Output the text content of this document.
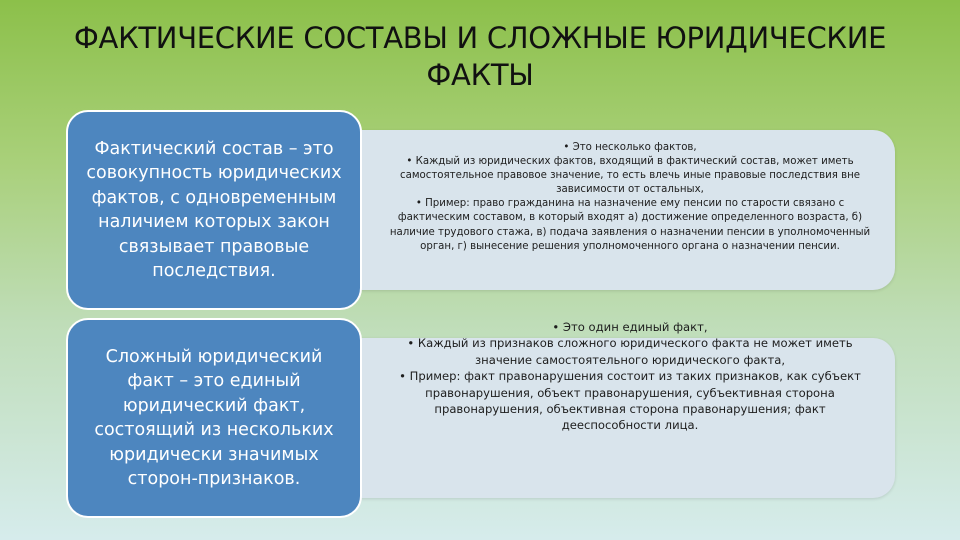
ФАКТИЧЕСКИЕ СОСТАВЫ И СЛОЖНЫЕ ЮРИДИЧЕСКИЕ ФАКТЫ
Фактический состав – это совокупность юридических фактов, с одновременным наличием которых закон связывает правовые последствия.
Сложный юридический факт – это единый юридический факт, состоящий из нескольких юридически значимых сторон-признаков.
• Это несколько фактов,
• Каждый из юридических фактов, входящий в фактический состав, может иметь самостоятельное правовое значение, то есть влечь иные правовые последствия вне зависимости от остальных,
• Пример: право гражданина на назначение ему пенсии по старости связано с фактическим составом, в который входят а) достижение определенного возраста, б) наличие трудового стажа, в) подача заявления о назначении пенсии в уполномоченный орган, г) вынесение решения уполномоченного органа о назначении пенсии.
• Это один единый факт,
• Каждый из признаков сложного юридического факта не может иметь значение самостоятельного юридического факта,
• Пример: факт правонарушения состоит из таких признаков, как субъект правонарушения, объект правонарушения, субъективная сторона правонарушения, объективная сторона правонарушения; факт дееспособности лица.
